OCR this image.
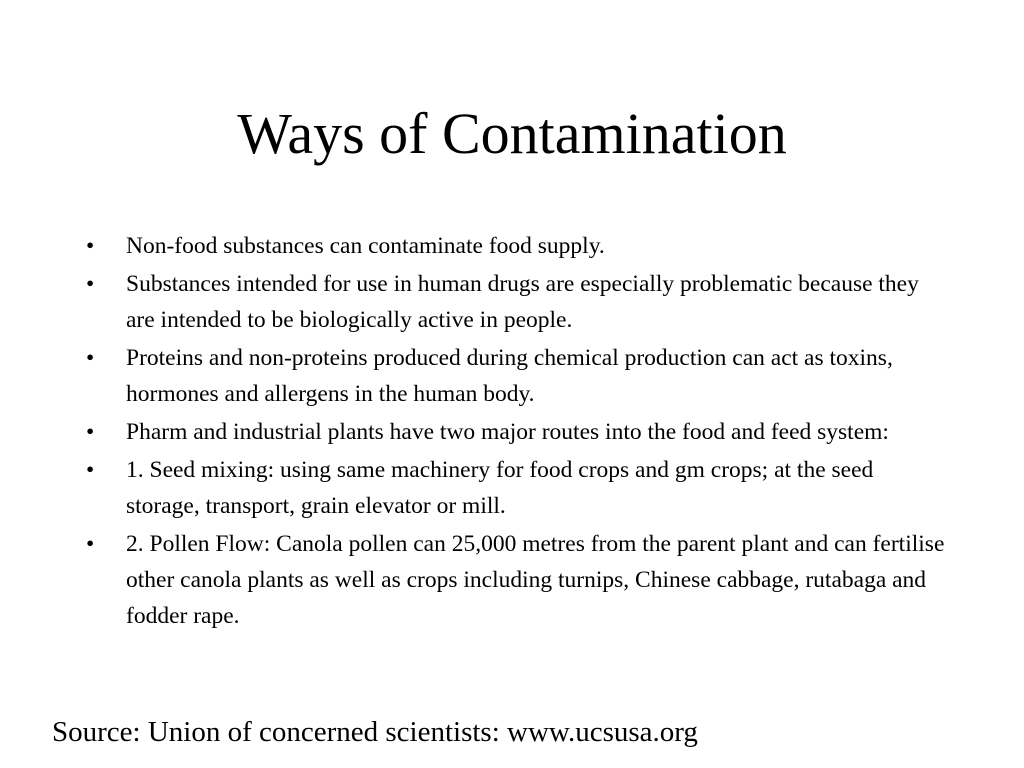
Ways of Contamination
•	Non-food substances can contaminate food supply.
•	Substances intended for use in human drugs are especially problematic because they are intended to be biologically active in people.
•	Proteins and non-proteins produced during chemical production can act as toxins, hormones and allergens in the human body.
•	Pharm and industrial plants have two major routes into the food and feed system:
•	1. Seed mixing: using same machinery for food crops and gm crops; at the seed storage, transport, grain elevator or mill.
•	2. Pollen Flow: Canola pollen can 25,000 metres from the parent plant and can fertilise other canola plants as well as crops including turnips, Chinese cabbage, rutabaga and fodder rape.

Source: Union of concerned scientists: www.ucsusa.org
